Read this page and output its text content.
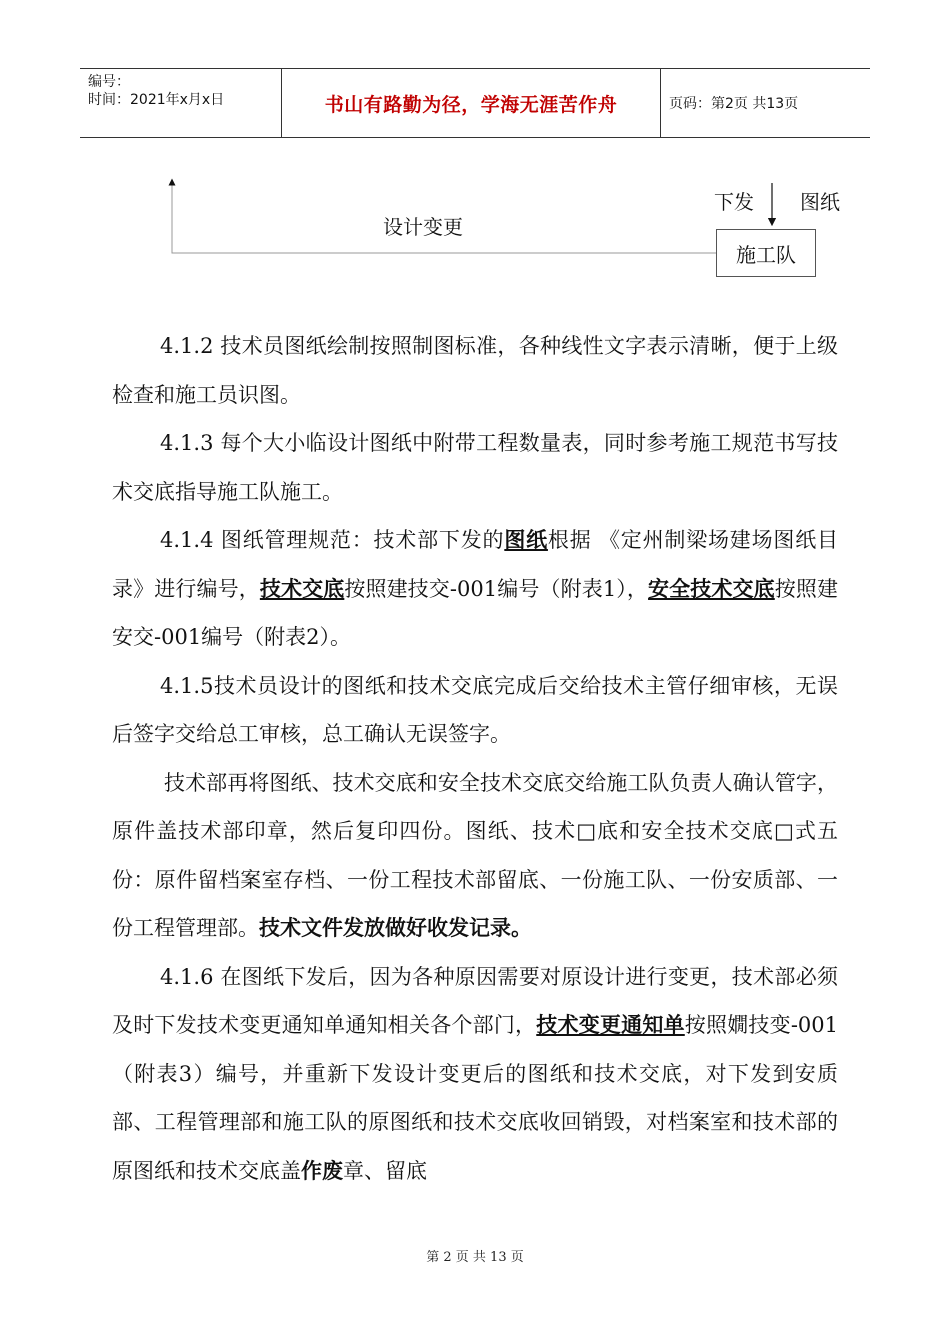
编号：
时间：2021年x月x日	书山有路勤为径，学海无涯苦作舟	页码：第2页 共13页
设计变更
下发 图纸
施工队

4.1.2 技术员图纸绘制按照制图标准，各种线性文字表示清晰，便于上级检查和施工员识图。

4.1.3 每个大小临设计图纸中附带工程数量表，同时参考施工规范书写技术交底指导施工队施工。

4.1.4 图纸管理规范：技术部下发的图纸根据 《定州制梁场建场图纸目录》进行编号，技术交底按照建技交-001编号（附表1），安全技术交底按照建安交-001编号（附表2）。

4.1.5技术员设计的图纸和技术交底完成后交给技术主管仔细审核，无误后签字交给总工审核，总工确认无误签字。

技术部再将图纸、技术交底和安全技术交底交给施工队负责人确认管字，原件盖技术部印章，然后复印四份。图纸、技术□底和安全技术交底□式五份：原件留档案室存档、一份工程技术部留底、一份施工队、一份安质部、一份工程管理部。技术文件发放做好收发记录。

4.1.6 在图纸下发后，因为各种原因需要对原设计进行变更，技术部必须及时下发技术变更通知单通知相关各个部门，技术变更通知单按照嫺技变-001（附表3）编号，并重新下发设计变更后的图纸和技术交底，对下发到安质部、工程管理部和施工队的原图纸和技术交底收回销毁，对档案室和技术部的原图纸和技术交底盖作废章、留底

第 2 页 共 13 页
